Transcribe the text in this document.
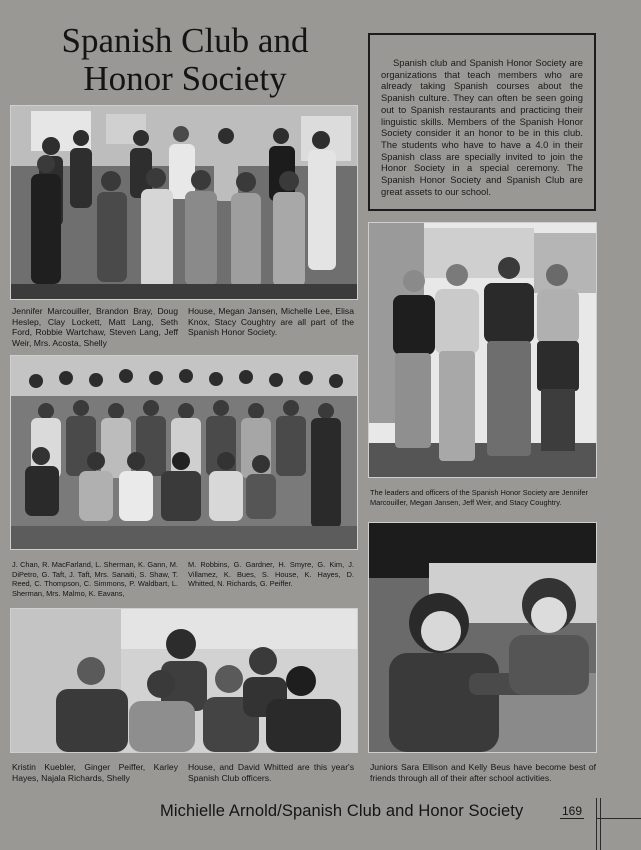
Spanish Club and
Honor Society	Spanish club and Spanish Honor Society are organizations that teach members who are already taking Spanish courses about the Spanish culture. They can often be seen going out to Spanish restaurants and practicing their linguistic skills. Members of the Spanish Honor Society consider it an honor to be in this club. The students who have to have a 4.0 in their Spanish class are specially invited to join the Honor Society in a special ceremony. The Spanish Honor Society and Spanish Club are great assets to our school.
Jennifer Marcouiller, Brandon Bray, Doug Heslep, Clay Lockett, Matt Lang, Seth Ford, Robbie Wartchaw, Steven Lang, Jeff Weir, Mrs. Acosta, Shelly
House, Megan Jansen, Michelle Lee, Elisa Knox, Stacy Coughtry are all part of the Spanish Honor Society.
J. Chan, R. MacFarland, L. Sherman, K. Gann, M. DiPetro, G. Taft, J. Taft, Mrs. Sanaiti, S. Shaw, T. Reed, C. Thompson, C. Simmons, P. Waldbart, L. Sherman, Mrs. Malmo, K. Eavans,
M. Robbins, G. Gardner, H. Smyre, G. Kim, J. Villamez, K. Bues, S. House, K. Hayes, D. Whitted, N. Richards, G. Peiffer.
Kristin Kuebler, Ginger Peiffer, Karley Hayes, Najala Richards, Shelly
House, and David Whitted are this year's Spanish Club officers.
The leaders and officers of the Spanish Honor Society are Jennifer Marcouiller, Megan Jansen, Jeff Weir, and Stacy Coughtry.
Juniors Sara Ellison and Kelly Beus have become best of friends through all of their after school activities.
Michielle Arnold/Spanish Club and Honor Society	169
